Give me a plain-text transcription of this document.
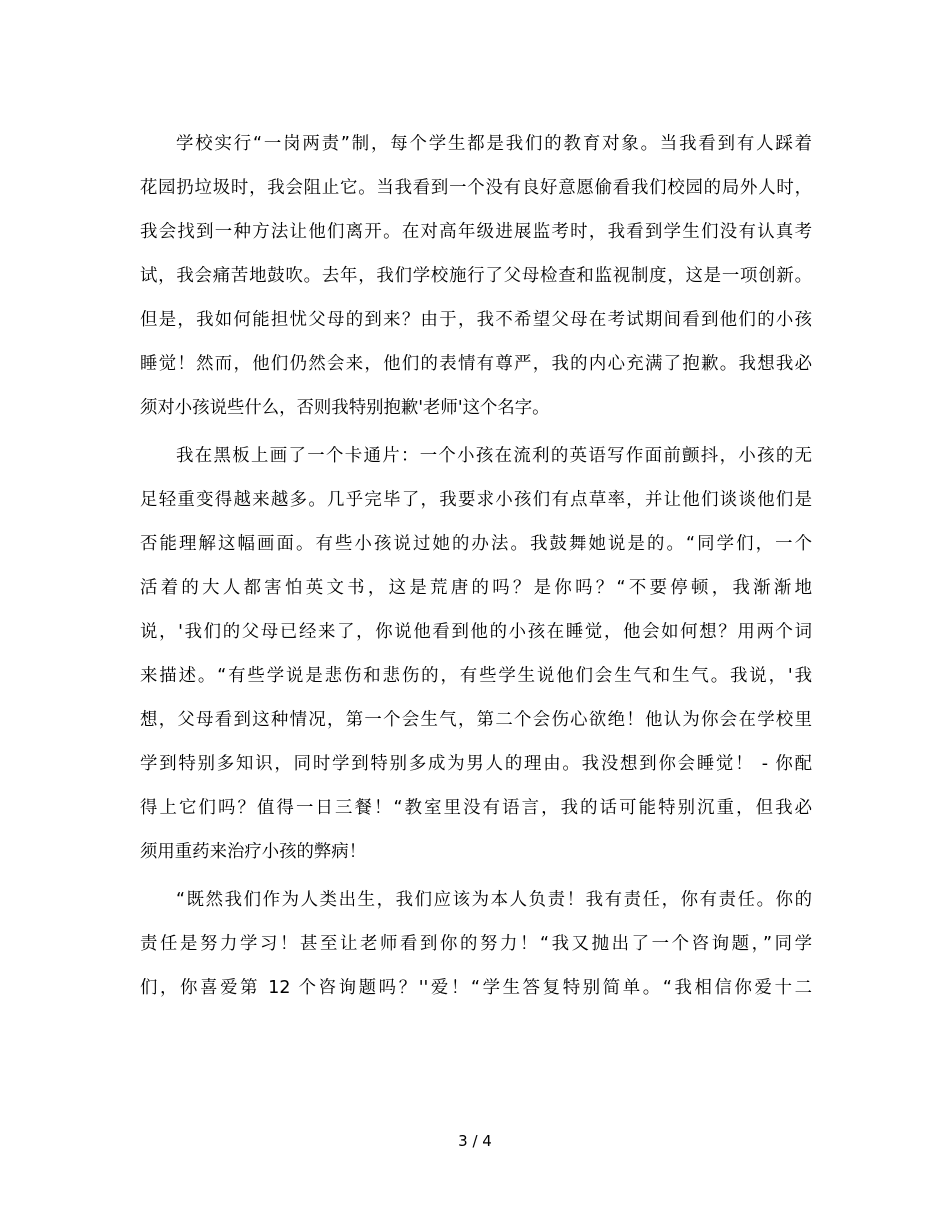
学校实行“一岗两责”制，每个学生都是我们的教育对象。当我看到有人踩着
花园扔垃圾时，我会阻止它。当我看到一个没有良好意愿偷看我们校园的局外人时，
我会找到一种方法让他们离开。在对高年级进展监考时，我看到学生们没有认真考
试，我会痛苦地鼓吹。去年，我们学校施行了父母检查和监视制度，这是一项创新。
但是，我如何能担忧父母的到来？由于，我不希望父母在考试期间看到他们的小孩
睡觉！然而，他们仍然会来，他们的表情有尊严，我的内心充满了抱歉。我想我必
须对小孩说些什么，否则我特别抱歉'老师'这个名字。
我在黑板上画了一个卡通片：一个小孩在流利的英语写作面前颤抖，小孩的无
足轻重变得越来越多。几乎完毕了，我要求小孩们有点草率，并让他们谈谈他们是
否能理解这幅画面。有些小孩说过她的办法。我鼓舞她说是的。“同学们，一个
活着的大人都害怕英文书，这是荒唐的吗？是你吗？“不要停顿，我渐渐地
说，'我们的父母已经来了，你说他看到他的小孩在睡觉，他会如何想？用两个词
来描述。“有些学说是悲伤和悲伤的，有些学生说他们会生气和生气。我说，'我
想，父母看到这种情况，第一个会生气，第二个会伤心欲绝！他认为你会在学校里
学到特别多知识，同时学到特别多成为男人的理由。我没想到你会睡觉！ - 你配
得上它们吗？值得一日三餐！“教室里没有语言，我的话可能特别沉重，但我必
须用重药来治疗小孩的弊病！
“既然我们作为人类出生，我们应该为本人负责！我有责任，你有责任。你的
责任是努力学习！甚至让老师看到你的努力！“我又抛出了一个咨询题，”同学
们，你喜爱第 12 个咨询题吗？''爱！“学生答复特别简单。“我相信你爱十二
3 / 4
